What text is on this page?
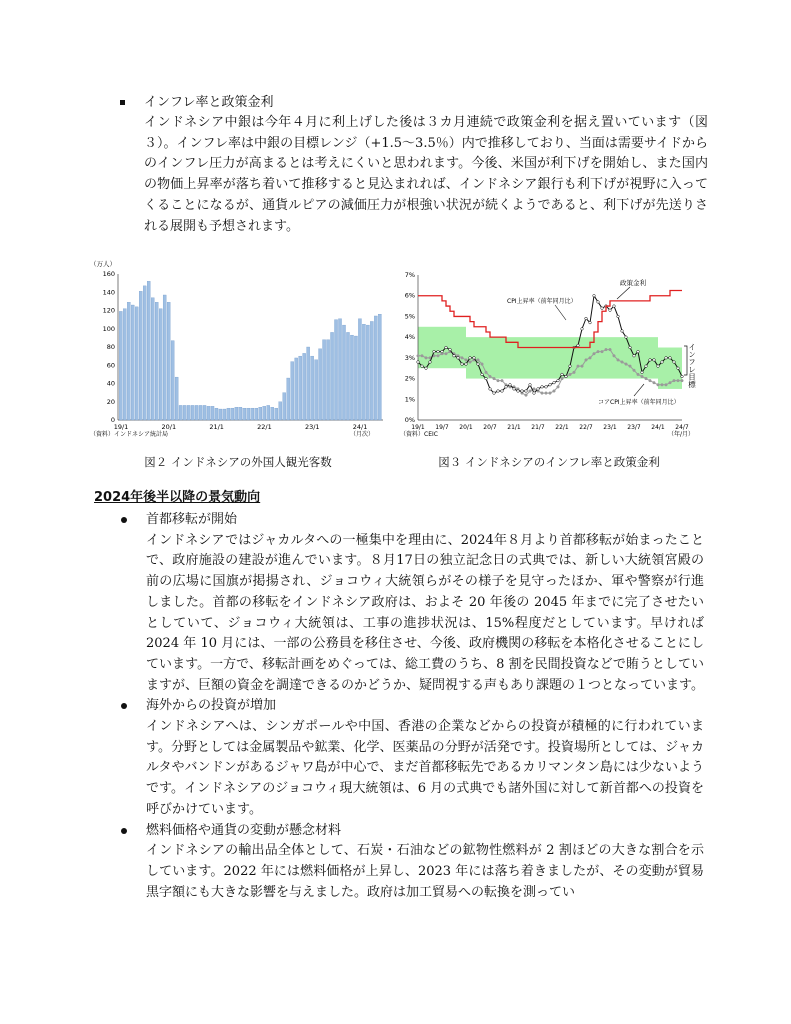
インフレ率と政策金利

インドネシア中銀は今年４月に利上げした後は３カ月連続で政策金利を据え置いています（図３）。インフレ率は中銀の目標レンジ（+1.5～3.5％）内で推移しており、当面は需要サイドからのインフレ圧力が高まるとは考えにくいと思われます。今後、米国が利下げを開始し、また国内の物価上昇率が落ち着いて推移すると見込まれれば、インドネシア銀行も利下げが視野に入ってくることになるが、通貨ルピアの減価圧力が根強い状況が続くようであると、利下げが先送りされる展開も予想されます。

（万人）
0
20
40
60
80
100
120
140
160
19/1	20/1	21/1	22/1	23/1	24/1
（資料）インドネシア統計局	（月次）
図２ インドネシアの外国人観光客数
0%
1%
2%
3%
4%
5%
6%
7%
19/1 19/7 20/1 20/7 21/1 21/7 22/1 22/7 23/1 23/7 24/1 24/7
政策金利
CPI上昇率（前年同月比）
コアCPI上昇率（前年同月比）
インフレ目標
（資料）CEIC	（年/月）
図３ インドネシアのインフレ率と政策金利
2024年後半以降の景気動向
首都移転が開始

インドネシアではジャカルタへの一極集中を理由に、2024年８月より首都移転が始まったことで、政府施設の建設が進んでいます。８月17日の独立記念日の式典では、新しい大統領宮殿の前の広場に国旗が掲揚され、ジョコウィ大統領らがその様子を見守ったほか、軍や警察が行進しました。首都の移転をインドネシア政府は、およそ 20 年後の 2045 年までに完了させたいとしていて、ジョコウィ大統領は、工事の進捗状況は、15%程度だとしています。早ければ 2024 年 10 月には、一部の公務員を移住させ、今後、政府機関の移転を本格化させることにしています。一方で、移転計画をめぐっては、総工費のうち、8 割を民間投資などで賄うとしていますが、巨額の資金を調達できるのかどうか、疑問視する声もあり課題の１つとなっています。

海外からの投資が増加

インドネシアへは、シンガポールや中国、香港の企業などからの投資が積極的に行われています。分野としては金属製品や鉱業、化学、医薬品の分野が活発です。投資場所としては、ジャカルタやバンドンがあるジャワ島が中心で、まだ首都移転先であるカリマンタン島には少ないようです。インドネシアのジョコウィ現大統領は、6 月の式典でも諸外国に対して新首都への投資を呼びかけています。

燃料価格や通貨の変動が懸念材料

インドネシアの輸出品全体として、石炭・石油などの鉱物性燃料が 2 割ほどの大きな割合を示しています。2022 年には燃料価格が上昇し、2023 年には落ち着きましたが、その変動が貿易黒字額にも大きな影響を与えました。政府は加工貿易への転換を測ってい
